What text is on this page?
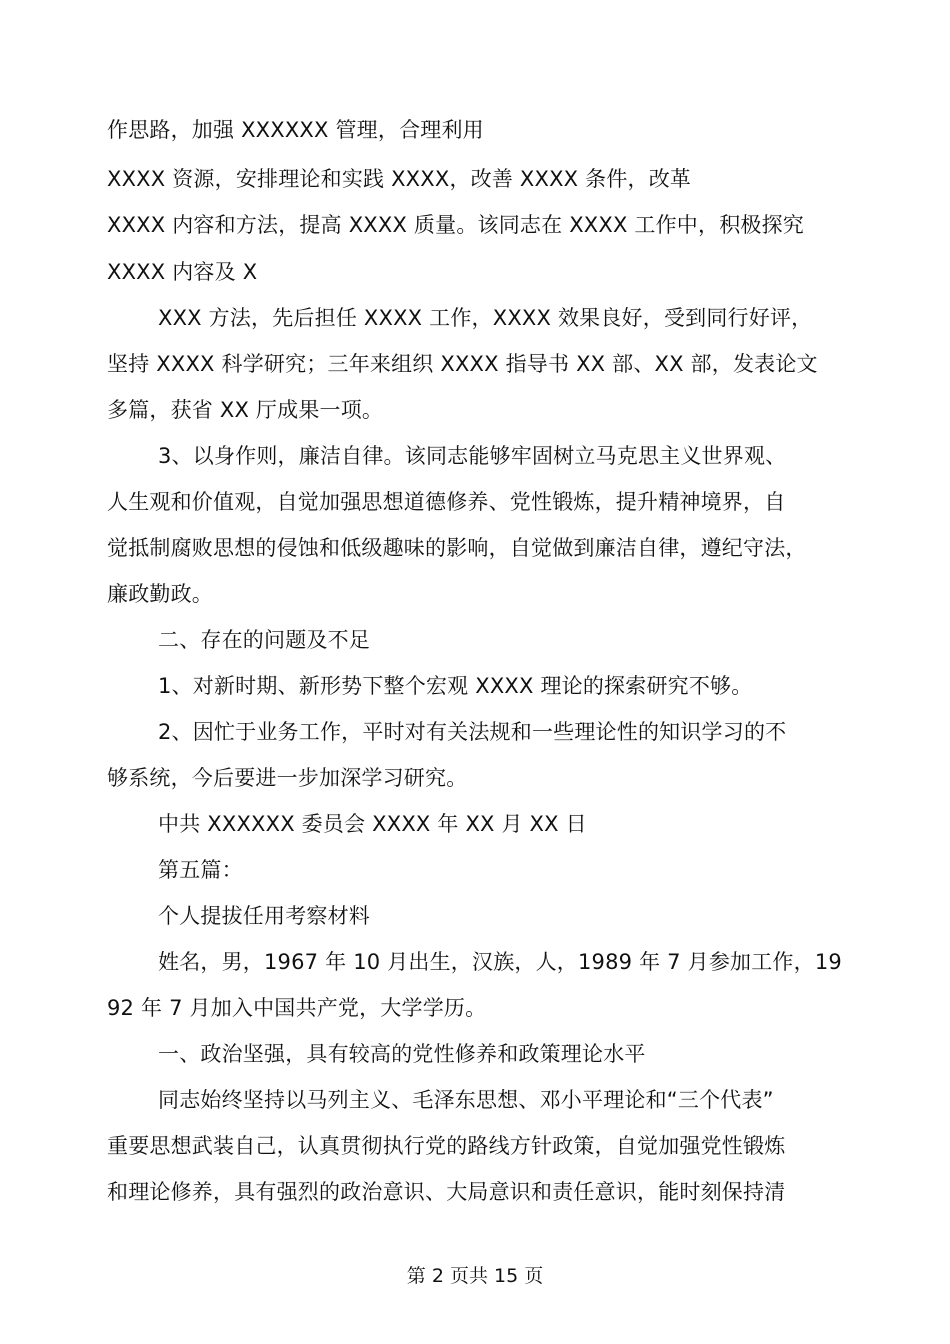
作思路，加强 XXXXXX 管理，合理利用
XXXX 资源，安排理论和实践 XXXX，改善 XXXX 条件，改革
XXXX 内容和方法，提高 XXXX 质量。该同志在 XXXX 工作中，积极探究
XXXX 内容及 X
XXX 方法，先后担任 XXXX 工作，XXXX 效果良好，受到同行好评，
坚持 XXXX 科学研究；三年来组织 XXXX 指导书 XX 部、XX 部，发表论文
多篇，获省 XX 厅成果一项。
3、以身作则，廉洁自律。该同志能够牢固树立马克思主义世界观、
人生观和价值观，自觉加强思想道德修养、党性锻炼，提升精神境界，自
觉抵制腐败思想的侵蚀和低级趣味的影响，自觉做到廉洁自律，遵纪守法，
廉政勤政。
二、存在的问题及不足
1、对新时期、新形势下整个宏观 XXXX 理论的探索研究不够。
2、因忙于业务工作，平时对有关法规和一些理论性的知识学习的不
够系统，今后要进一步加深学习研究。
中共 XXXXXX 委员会 XXXX 年 XX 月 XX 日
第五篇：
个人提拔任用考察材料
姓名，男，1967 年 10 月出生，汉族，人，1989 年 7 月参加工作，19
92 年 7 月加入中国共产党，大学学历。
一、政治坚强，具有较高的党性修养和政策理论水平
同志始终坚持以马列主义、毛泽东思想、邓小平理论和“三个代表”
重要思想武装自己，认真贯彻执行党的路线方针政策，自觉加强党性锻炼
和理论修养，具有强烈的政治意识、大局意识和责任意识，能时刻保持清
第 2 页共 15 页
